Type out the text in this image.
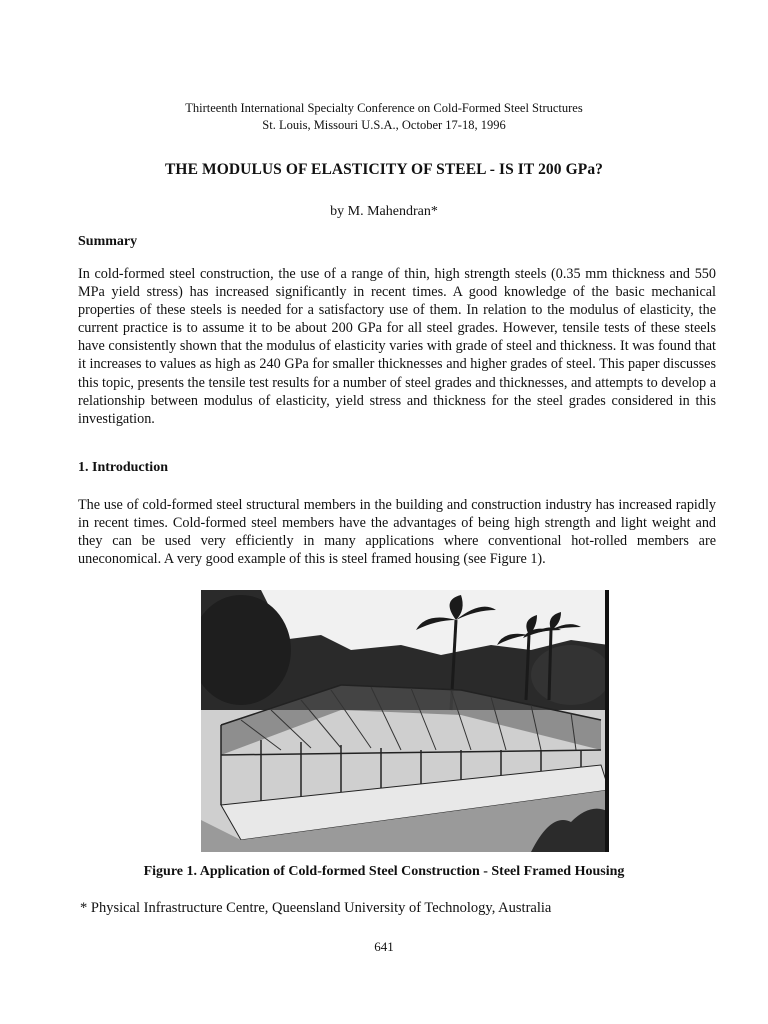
Thirteenth International Specialty Conference on Cold-Formed Steel Structures
St. Louis, Missouri U.S.A., October 17-18, 1996
THE MODULUS OF ELASTICITY OF STEEL - IS IT 200 GPa?
by M. Mahendran*
Summary
In cold-formed steel construction, the use of a range of thin, high strength steels (0.35 mm thickness and 550 MPa yield stress) has increased significantly in recent times. A good knowledge of the basic mechanical properties of these steels is needed for a satisfactory use of them. In relation to the modulus of elasticity, the current practice is to assume it to be about 200 GPa for all steel grades. However, tensile tests of these steels have consistently shown that the modulus of elasticity varies with grade of steel and thickness. It was found that it increases to values as high as 240 GPa for smaller thicknesses and higher grades of steel. This paper discusses this topic, presents the tensile test results for a number of steel grades and thicknesses, and attempts to develop a relationship between modulus of elasticity, yield stress and thickness for the steel grades considered in this investigation.
1. Introduction
The use of cold-formed steel structural members in the building and construction industry has increased rapidly in recent times. Cold-formed steel members have the advantages of being high strength and light weight and they can be used very efficiently in many applications where conventional hot-rolled members are uneconomical. A very good example of this is steel framed housing (see Figure 1).
Figure 1. Application of Cold-formed Steel Construction - Steel Framed Housing
* Physical Infrastructure Centre, Queensland University of Technology, Australia
641
